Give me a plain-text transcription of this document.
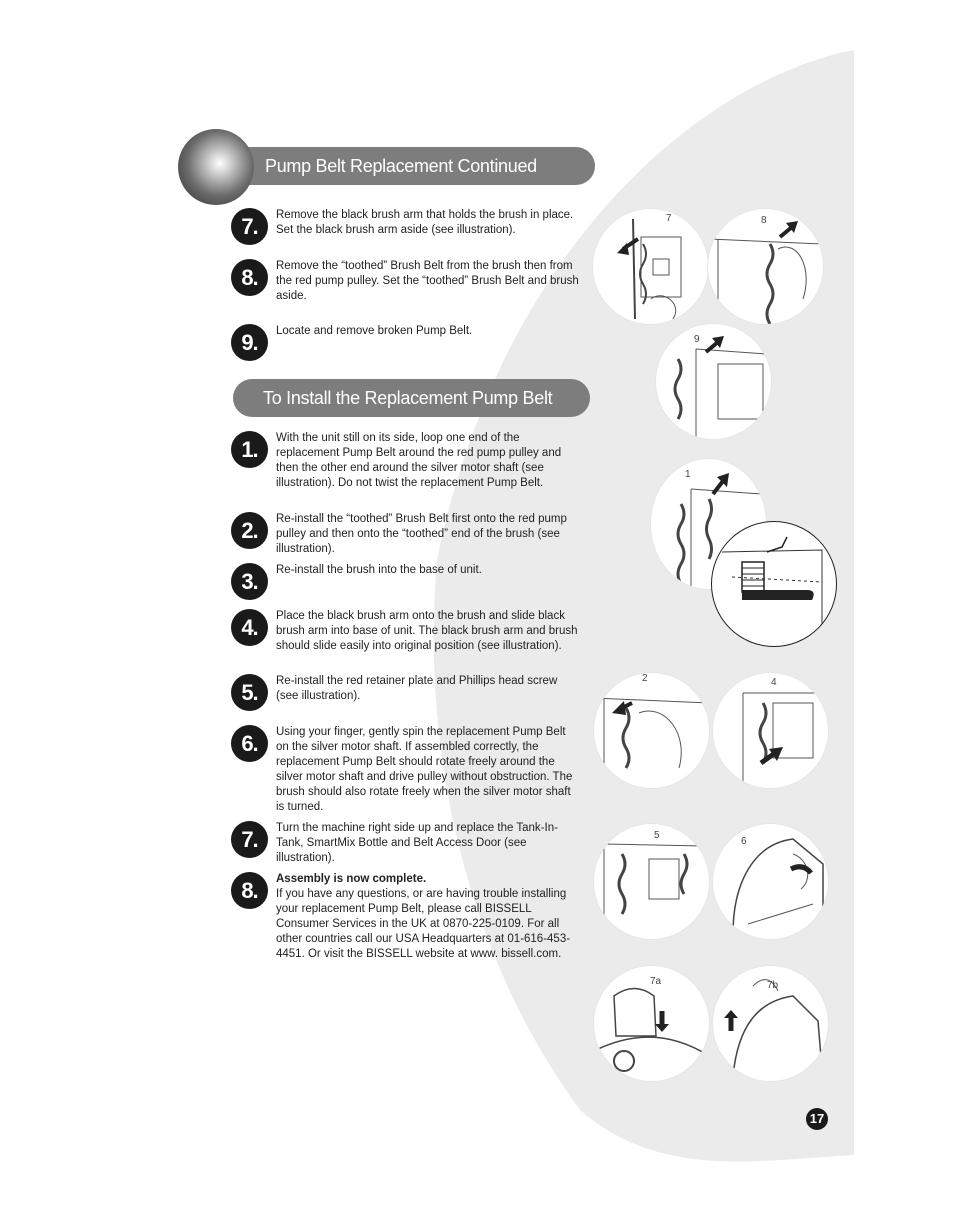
Pump Belt Replacement Continued
7.	Remove the black brush arm that holds the brush in place. Set the black brush arm aside (see illustration).
8.	Remove the “toothed” Brush Belt from the brush then from the red pump pulley. Set the “toothed” Brush Belt and brush aside.
9.	Locate and remove broken Pump Belt.
To Install the Replacement Pump Belt
1.	With the unit still on its side, loop one end of the replacement Pump Belt around the red pump pulley and then the other end around the silver motor shaft (see illustration). Do not twist the replacement Pump Belt.
2.	Re-install the “toothed” Brush Belt first onto the red pump pulley and then onto the “toothed” end of the brush (see illustration).
3.	Re-install the brush into the base of unit.
4.	Place the black brush arm onto the brush and slide black brush arm into base of unit. The black brush arm and brush should slide easily into original position (see illustration).
5.	Re-install the red retainer plate and Phillips head screw (see illustration).
6.	Using your finger, gently spin the replacement Pump Belt on the silver motor shaft. If assembled correctly, the replacement Pump Belt should rotate freely around the silver motor shaft and drive pulley without obstruction. The brush should also rotate freely when the silver motor shaft is turned.
7.	Turn the machine right side up and replace the Tank-In-Tank, SmartMix Bottle and Belt Access Door (see illustration).
8.	Assembly is now complete.
If you have any questions, or are having trouble installing your replacement Pump Belt, please call BISSELL Consumer Services in the UK at 0870-225-0109. For all other countries call our USA Headquarters at 01-616-453-4451. Or visit the BISSELL website at www. bissell.com.
7	8
9
1
2	4
5
6
7a	7b
17
